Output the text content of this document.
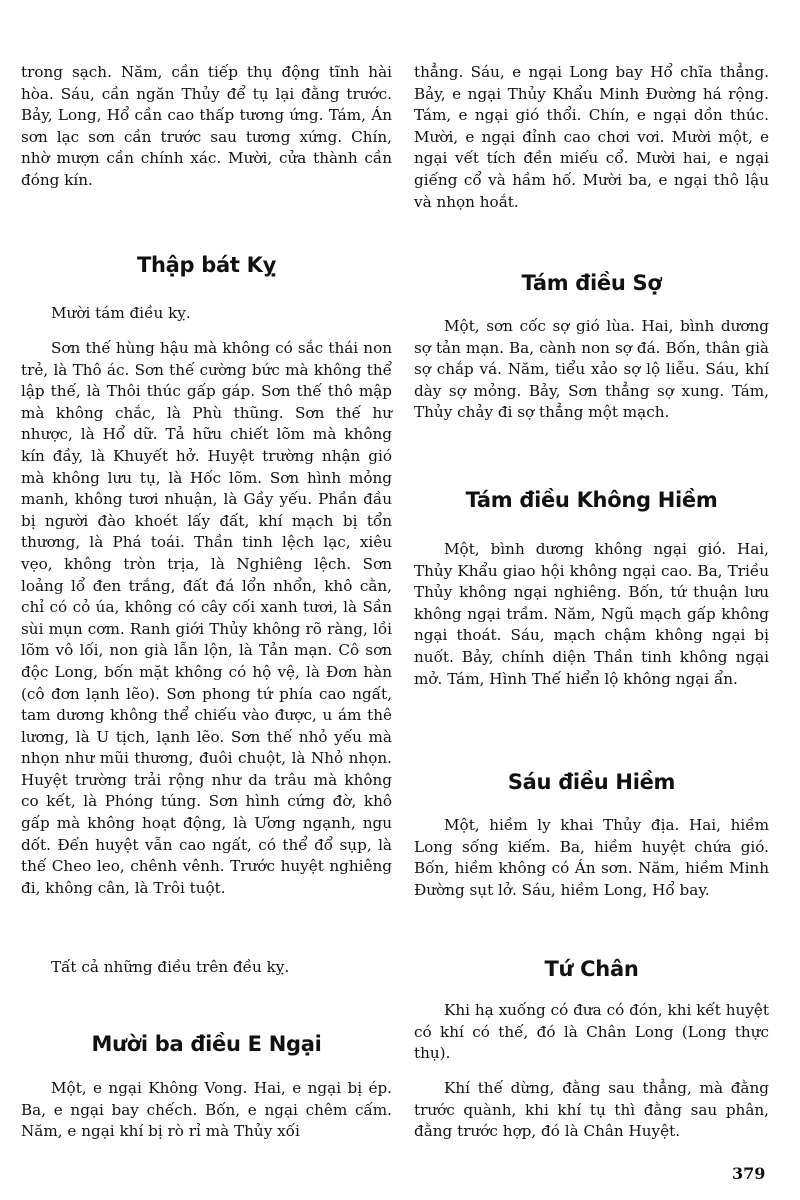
trong sạch. Năm, cần tiếp thụ động tĩnh hài hòa. Sáu, cần ngăn Thủy để tụ lại đằng trước. Bảy, Long, Hổ cần cao thấp tương ứng. Tám, Án sơn lạc sơn cần trước sau tương xứng. Chín, nhờ mượn cần chính xác. Mười, cửa thành cần đóng kín.

Thập bát Kỵ

Mười tám điều kỵ.

Sơn thế hùng hậu mà không có sắc thái non trẻ, là Thô ác. Sơn thế cường bức mà không thể lập thế, là Thôi thúc gấp gáp. Sơn thế thô mập mà không chắc, là Phù thũng. Sơn thế hư nhược, là Hổ dữ. Tả hữu chiết lõm mà không kín đầy, là Khuyết hở. Huyệt trường nhận gió mà không lưu tụ, là Hốc lõm. Sơn hình mỏng manh, không tươi nhuận, là Gầy yếu. Phần đầu bị người đào khoét lấy đất, khí mạch bị tổn thương, là Phá toái. Thần tinh lệch lạc, xiêu vẹo, không tròn trịa, là Nghiêng lệch. Sơn loảng lổ đen trắng, đất đá lổn nhổn, khô cằn, chỉ có cỏ úa, không có cây cối xanh tươi, là Sần sùi mụn cơm. Ranh giới Thủy không rõ ràng, lồi lõm vô lối, non già lẫn lộn, là Tản mạn. Cô sơn độc Long, bốn mặt không có hộ vệ, là Đơn hàn (cô đơn lạnh lẽo). Sơn phong tứ phía cao ngất, tam dương không thể chiếu vào được, u ám thê lương, là U tịch, lạnh lẽo. Sơn thế nhỏ yếu mà nhọn như mũi thương, đuôi chuột, là Nhỏ nhọn. Huyệt trường trải rộng như da trâu mà không co kết, là Phóng túng. Sơn hình cứng đờ, khô gấp mà không hoạt động, là Ương ngạnh, ngu dốt. Đến huyệt vẫn cao ngất, có thể đổ sụp, là thế Cheo leo, chênh vênh. Trước huyệt nghiêng đi, không cân, là Trôi tuột.

Tất cả những điều trên đều kỵ.

Mười ba điều E Ngại

Một, e ngại Không Vong. Hai, e ngại bị ép. Ba, e ngại bay chếch. Bốn, e ngại chêm cấm. Năm, e ngại khí bị rò rỉ mà Thủy xối

thẳng. Sáu, e ngại Long bay Hổ chĩa thẳng. Bảy, e ngại Thủy Khẩu Minh Đường há rộng. Tám, e ngại gió thổi. Chín, e ngại dồn thúc. Mười, e ngại đỉnh cao chơi vơi. Mười một, e ngại vết tích đền miếu cổ. Mười hai, e ngại giếng cổ và hầm hố. Mười ba, e ngại thô lậu và nhọn hoắt.

Tám điều Sợ

Một, sơn cốc sợ gió lùa. Hai, bình dương sợ tản mạn. Ba, cành non sợ đá. Bốn, thân già sợ chắp vá. Năm, tiểu xảo sợ lộ liễu. Sáu, khí dày sợ mỏng. Bảy, Sơn thẳng sợ xung. Tám, Thủy chảy đi sợ thẳng một mạch.

Tám điều Không Hiềm

Một, bình dương không ngại gió. Hai, Thủy Khẩu giao hội không ngại cao. Ba, Triều Thủy không ngại nghiêng. Bốn, tứ thuận lưu không ngại trầm. Năm, Ngũ mạch gấp không ngại thoát. Sáu, mạch chậm không ngại bị nuốt. Bảy, chính diện Thần tinh không ngại mở. Tám, Hình Thế hiển lộ không ngại ẩn.

Sáu điều Hiềm

Một, hiềm ly khai Thủy địa. Hai, hiềm Long sống kiếm. Ba, hiềm huyệt chứa gió. Bốn, hiềm không có Án sơn. Năm, hiềm Minh Đường sụt lở. Sáu, hiềm Long, Hổ bay.

Tứ Chân

Khi hạ xuống có đưa có đón, khi kết huyệt có khí có thế, đó là Chân Long (Long thực thụ).

Khí thế dừng, đằng sau thẳng, mà đằng trước quành, khi khí tụ thì đằng sau phân, đằng trước hợp, đó là Chân Huyệt.

379
